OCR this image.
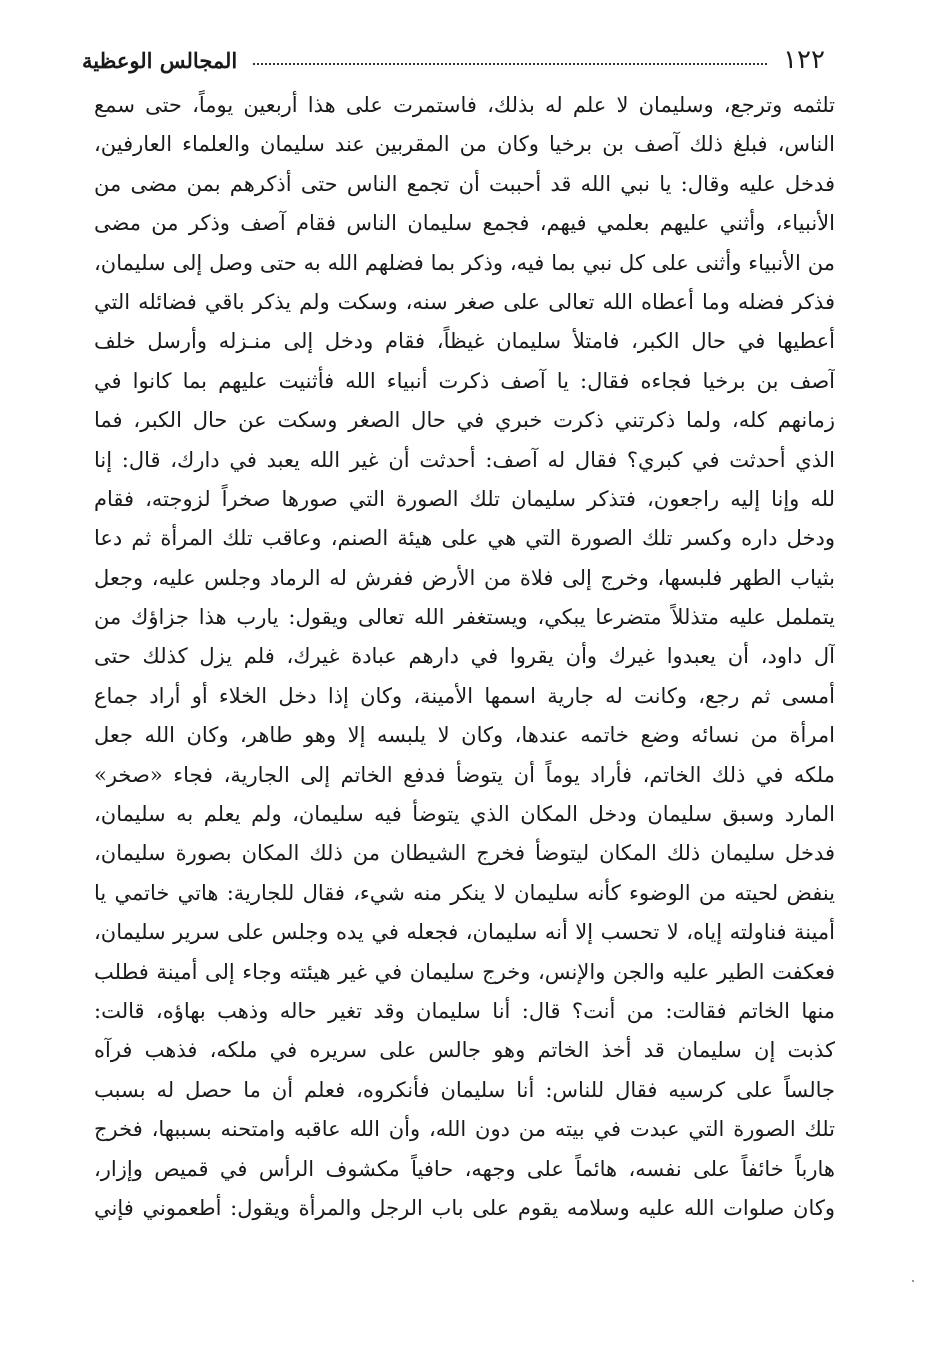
١٢٢
المجالس الوعظية
تلثمه وترجع، وسليمان لا علم له بذلك، فاستمرت على هذا أربعين يوماً، حتى سمع
الناس، فبلغ ذلك آصف بن برخيا وكان من المقربين عند سليمان والعلماء العارفين،
فدخل عليه وقال: يا نبي الله قد أحببت أن تجمع الناس حتى أذكرهم بمن مضى من
الأنبياء، وأثني عليهم بعلمي فيهم، فجمع سليمان الناس فقام آصف وذكر من مضى
من الأنبياء وأثنى على كل نبي بما فيه، وذكر بما فضلهم الله به حتى وصل إلى سليمان،
فذكر فضله وما أعطاه الله تعالى على صغر سنه، وسكت ولم يذكر باقي فضائله التي
أعطيها في حال الكبر، فامتلأ سليمان غيظاً، فقام ودخل إلى منـزله وأرسل خلف
آصف بن برخيا فجاءه فقال: يا آصف ذكرت أنبياء الله فأثنيت عليهم بما كانوا في
زمانهم كله، ولما ذكرتني ذكرت خبري في حال الصغر وسكت عن حال الكبر، فما
الذي أحدثت في كبري؟ فقال له آصف: أحدثت أن غير الله يعبد في دارك، قال: إنا
لله وإنا إليه راجعون، فتذكر سليمان تلك الصورة التي صورها صخراً لزوجته، فقام
ودخل داره وكسر تلك الصورة التي هي على هيئة الصنم، وعاقب تلك المرأة ثم دعا
بثياب الطهر فلبسها، وخرج إلى فلاة من الأرض ففرش له الرماد وجلس عليه، وجعل
يتململ عليه متذللاً متضرعا يبكي، ويستغفر الله تعالى ويقول: يارب هذا جزاؤك من
آل داود، أن يعبدوا غيرك وأن يقروا في دارهم عبادة غيرك، فلم يزل كذلك حتى
أمسى ثم رجع، وكانت له جارية اسمها الأمينة، وكان إذا دخل الخلاء أو أراد جماع
امرأة من نسائه وضع خاتمه عندها، وكان لا يلبسه إلا وهو طاهر، وكان الله جعل
ملكه في ذلك الخاتم، فأراد يوماً أن يتوضأ فدفع الخاتم إلى الجارية، فجاء «صخر»
المارد وسبق سليمان ودخل المكان الذي يتوضأ فيه سليمان، ولم يعلم به سليمان،
فدخل سليمان ذلك المكان ليتوضأ فخرج الشيطان من ذلك المكان بصورة سليمان،
ينفض لحيته من الوضوء كأنه سليمان لا ينكر منه شيء، فقال للجارية: هاتي خاتمي يا
أمينة فناولته إياه، لا تحسب إلا أنه سليمان، فجعله في يده وجلس على سرير سليمان،
فعكفت الطير عليه والجن والإنس، وخرج سليمان في غير هيئته وجاء إلى أمينة فطلب
منها الخاتم فقالت: من أنت؟ قال: أنا سليمان وقد تغير حاله وذهب بهاؤه، قالت:
كذبت إن سليمان قد أخذ الخاتم وهو جالس على سريره في ملكه، فذهب فرآه
جالساً على كرسيه فقال للناس: أنا سليمان فأنكروه، فعلم أن ما حصل له بسبب
تلك الصورة التي عبدت في بيته من دون الله، وأن الله عاقبه وامتحنه بسببها، فخرج
هارباً خائفاً على نفسه، هائماً على وجهه، حافياً مكشوف الرأس في قميص وإزار،
وكان صلوات الله عليه وسلامه يقوم على باب الرجل والمرأة ويقول: أطعموني فإني
